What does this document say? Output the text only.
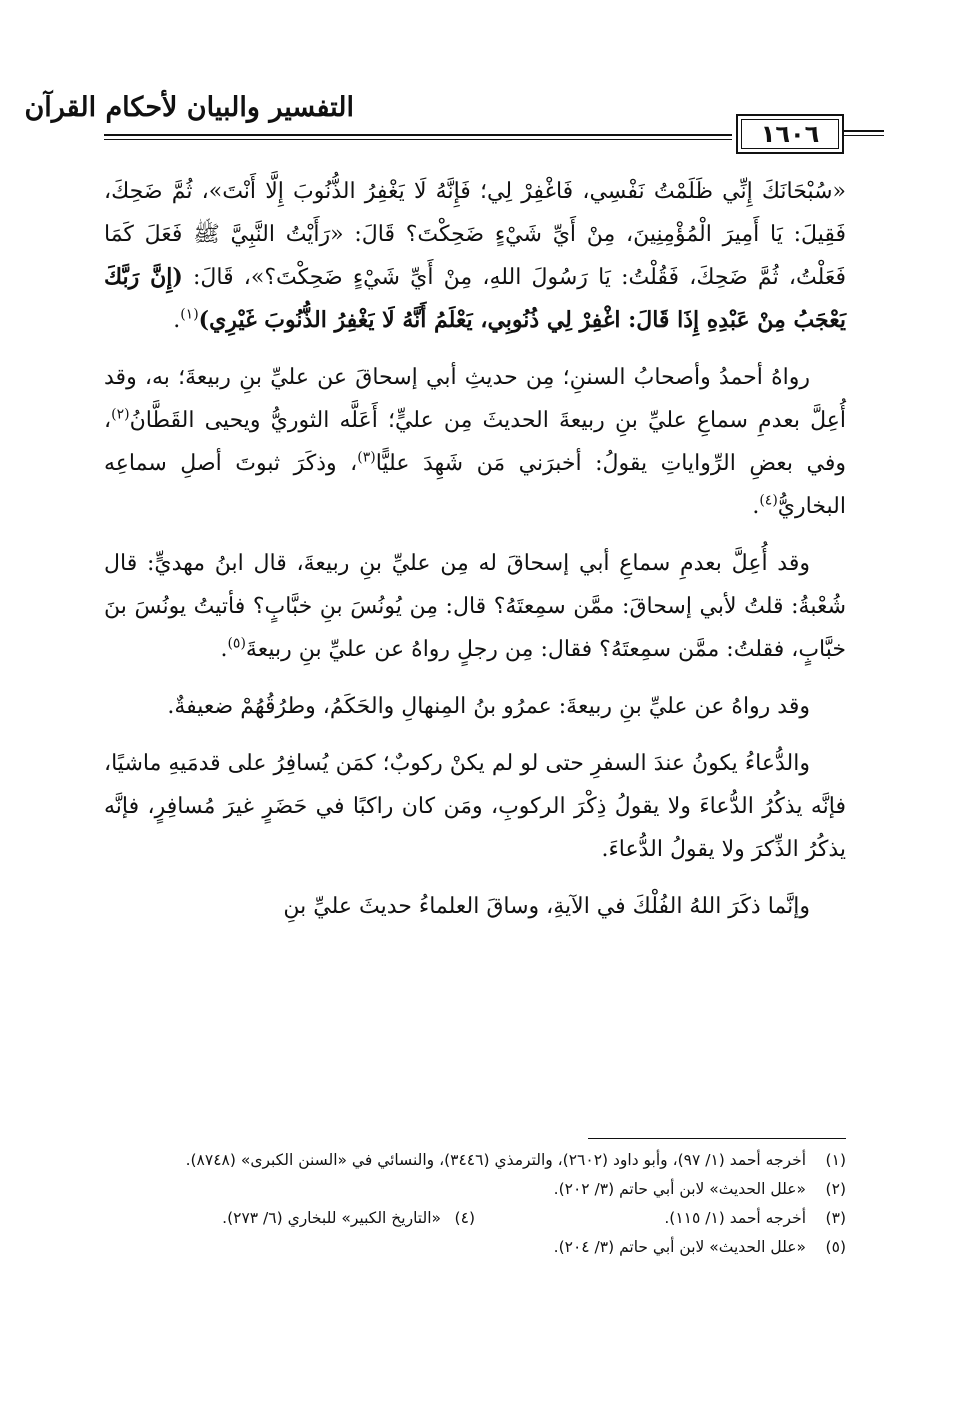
التفسير والبيان لأحكام القرآن
١٦٠٦

«سُبْحَانَكَ إِنِّي ظَلَمْتُ نَفْسِي، فَاغْفِرْ لِي؛ فَإِنَّهُ لَا يَغْفِرُ الذُّنُوبَ إِلَّا أَنْتَ»، ثُمَّ ضَحِكَ، فَقِيلَ: يَا أَمِيرَ الْمُؤْمِنِينَ، مِنْ أَيِّ شَيْءٍ ضَحِكْتَ؟ قَالَ: «رَأَيْتُ النَّبِيَّ ﷺ فَعَلَ كَمَا فَعَلْتُ، ثُمَّ ضَحِكَ، فَقُلْتُ: يَا رَسُولَ اللهِ، مِنْ أَيِّ شَيْءٍ ضَحِكْتَ؟»، قَالَ: (إِنَّ رَبَّكَ يَعْجَبُ مِنْ عَبْدِهِ إِذَا قَالَ: اغْفِرْ لِي ذُنُوبِي، يَعْلَمُ أَنَّهُ لَا يَغْفِرُ الذُّنُوبَ غَيْرِي)$^{(١)}$.

رواهُ أحمدُ وأصحابُ السننِ؛ مِن حديثِ أبي إسحاقَ عن عليِّ بنِ ربيعةَ؛ به، وقد أُعِلَّ بعدمِ سماعِ عليِّ بنِ ربيعةَ الحديثَ مِن عليٍّ؛ أَعَلَّه الثوريُّ ويحيى القَطَّانُ$^{(٢)}$، وفي بعضِ الرِّواياتِ يقولُ: أخبرَني مَن شَهِدَ عليًّا$^{(٣)}$، وذكَرَ ثبوتَ أصلِ سماعِه البخاريُّ$^{(٤)}$.

وقد أُعِلَّ بعدمِ سماعِ أبي إسحاقَ له مِن عليِّ بنِ ربيعةَ، قال ابنُ مهديٍّ: قال شُعْبةُ: قلتُ لأبي إسحاقَ: ممَّن سمِعتَهُ؟ قال: مِن يُونُسَ بنِ خبَّابٍ؟ فأتيتُ يونُسَ بنَ خبَّابٍ، فقلتُ: ممَّن سمِعتَهُ؟ فقال: مِن رجلٍ رواهُ عن عليِّ بنِ ربيعةَ$^{(٥)}$.

وقد رواهُ عن عليِّ بنِ ربيعةَ: عمرُو بنُ المِنهالِ والحَكَمُ، وطرُقُهُمْ ضعيفةٌ.

والدُّعاءُ يكونُ عندَ السفرِ حتى لو لم يكنْ ركوبٌ؛ كمَن يُسافِرُ على قدمَيهِ ماشيًا، فإنَّه يذكُرُ الدُّعاءَ ولا يقولُ ذِكْرَ الركوبِ، ومَن كان راكبًا في حَضَرٍ غيرَ مُسافِرٍ، فإنَّه يذكُرُ الذِّكرَ ولا يقولُ الدُّعاءَ.

وإنَّما ذكَرَ اللهُ الفُلْكَ في الآيةِ، وساقَ العلماءُ حديثَ عليِّ بنِ

(١)
أخرجه أحمد (١/ ٩٧)، وأبو داود (٢٦٠٢)، والترمذي (٣٤٤٦)، والنسائي في «السنن الكبرى» (٨٧٤٨).
(٢)
«علل الحديث» لابن أبي حاتم (٣/ ٢٠٢).
(٣)
أخرجه أحمد (١/ ١١٥).
(٤)
«التاريخ الكبير» للبخاري (٦/ ٢٧٣).
(٥)
«علل الحديث» لابن أبي حاتم (٣/ ٢٠٤).
